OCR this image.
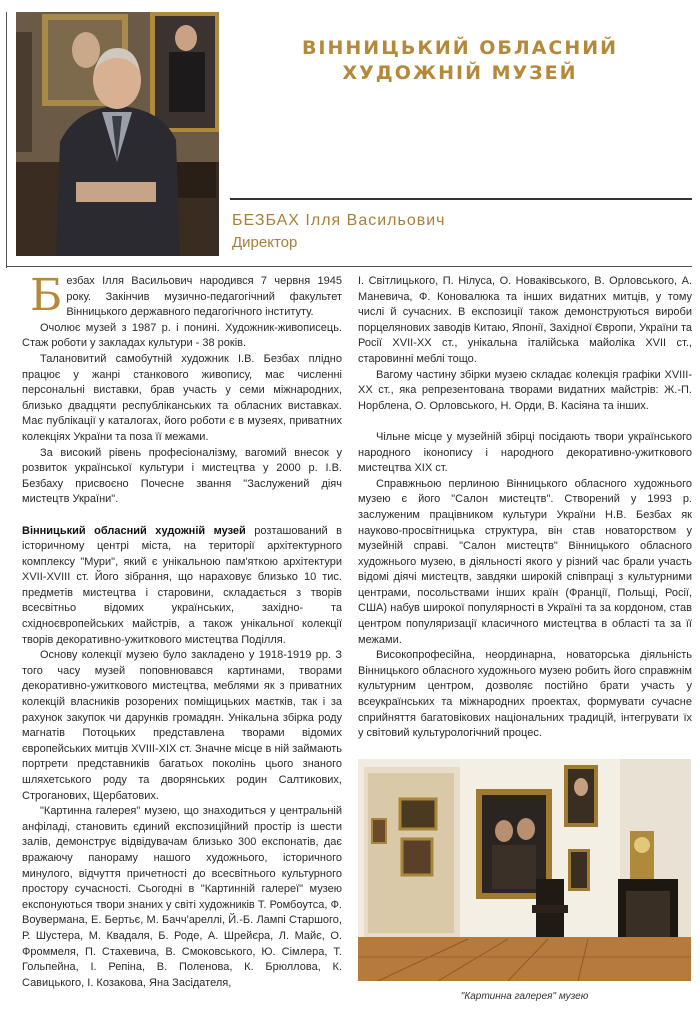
ВІННИЦЬКИЙ ОБЛАСНИЙ
ХУДОЖНІЙ МУЗЕЙ
БЕЗБАХ Ілля Васильович
Директор

Безбах Ілля Васильович народився 7 червня 1945 року. Закінчив музично-педагогічний факультет Вінницького державного педагогічного інституту.

Очолює музей з 1987 р. і понині. Художник-живописець. Стаж роботи у закладах культури - 38 років.

Талановитий самобутній художник І.В. Безбах плідно працює у жанрі станкового живопису, має численні персональні виставки, брав участь у семи міжнародних, близько двадцяти республіканських та обласних виставках. Має публікації у каталогах, його роботи є в музеях, приватних колекціях України та поза її межами.

За високий рівень професіоналізму, вагомий внесок у розвиток української культури і мистецтва у 2000 р. І.В. Безбаху присвоєно Почесне звання "Заслужений діяч мистецтв України".

Вінницький обласний художній музей розташований в історичному центрі міста, на території архітектурного комплексу "Мури", який є унікальною пам'яткою архітектури XVII-XVIII ст. Його зібрання, що нараховує близько 10 тис. предметів мистецтва і старовини, складається з творів всесвітньо відомих українських, західно- та східноєвропейських майстрів, а також унікальної колекції творів декоративно-ужиткового мистецтва Поділля.

Основу колекції музею було закладено у 1918-1919 рр. З того часу музей поповнювався картинами, творами декоративно-ужиткового мистецтва, меблями як з приватних колекцій власників розорених поміщицьких маєтків, так і за рахунок закупок чи дарунків громадян. Унікальна збірка роду магнатів Потоцьких представлена творами відомих європейських митців XVIII-XIX ст. Значне місце в ній займають портрети представників багатьох поколінь цього знаного шляхетського роду та дворянських родин Салтикових, Строганових, Щербатових.

"Картинна галерея" музею, що знаходиться у центральній анфіладі, становить єдиний експозиційний простір із шести залів, демонструє відвідувачам близько 300 експонатів, дає вражаючу панораму нашого художнього, історичного минулого, відчуття причетності до всесвітнього культурного простору сучасності. Сьогодні в "Картинній галереї" музею експонуються твори знаних у світі художників Т. Ромбоутса, Ф. Воувермана, Е. Бертьє, М. Бачч'ареллі, Й.-Б. Лампі Старшого, Р. Шустера, М. Квадаля, Б. Роде, А. Шрейєра, Л. Майє, О. Фроммеля, П. Стахевича, В. Смоковського, Ю. Сімлера, Т. Гольпейна, І. Репіна, В. Поленова, К. Брюллова, К. Савицького, І. Козакова, Яна Засідателя,

І. Світлицького, П. Нілуса, О. Новаківського, В. Орловського, А. Маневича, Ф. Коновалюка та інших видатних митців, у тому числі й сучасних. В експозиції також демонструються вироби порцелянових заводів Китаю, Японії, Західної Європи, України та Росії XVII-XX ст., унікальна італійська майоліка XVII ст., старовинні меблі тощо.

Вагому частину збірки музею складає колекція графіки XVIII-XX ст., яка репрезентована творами видатних майстрів: Ж.-П. Норблена, О. Орловського, Н. Орди, В. Касіяна та інших.

Чільне місце у музейній збірці посідають твори українського народного іконопису і народного декоративно-ужиткового мистецтва XIX ст.

Справжньою перлиною Вінницького обласного художнього музею є його "Салон мистецтв". Створений у 1993 р. заслуженим працівником культури України Н.В. Безбах як науково-просвітницька структура, він став новаторством у музейній справі. "Салон мистецтв" Вінницького обласного художнього музею, в діяльності якого у різний час брали участь відомі діячі мистецтв, завдяки широкій співпраці з культурними центрами, посольствами інших країн (Франції, Польщі, Росії, США) набув широкої популярності в Україні та за кордоном, став центром популяризації класичного мистецтва в області та за її межами.

Високопрофесійна, неординарна, новаторська діяльність Вінницького обласного художнього музею робить його справжнім культурним центром, дозволяє постійно брати участь у всеукраїнських та міжнародних проектах, формувати сучасне сприйняття багатовікових національних традицій, інтегрувати їх у світовий культурологічний процес.

"Картинна галерея" музею
